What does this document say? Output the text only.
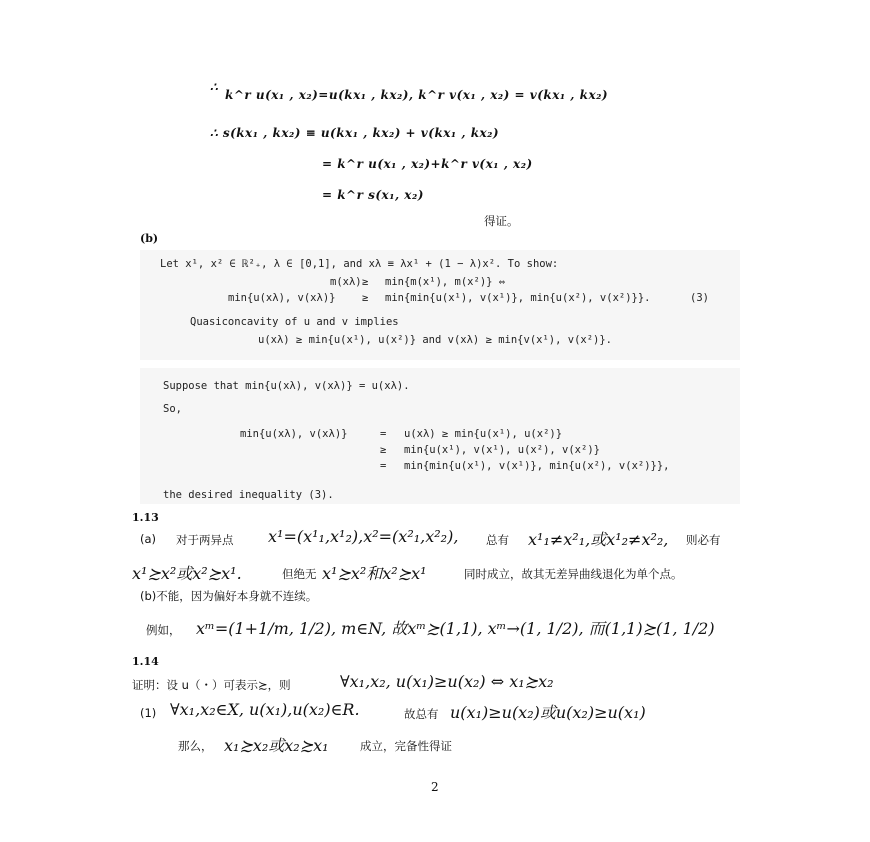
∴
k^r u(x₁ , x₂)=u(kx₁ , kx₂), k^r v(x₁ , x₂) = v(kx₁ , kx₂)
∴ s(kx₁ , kx₂) ≡ u(kx₁ , kx₂) + v(kx₁ , kx₂)
= k^r u(x₁ , x₂)+k^r v(x₁ , x₂)
= k^r s(x₁, x₂)
得证。
(b)
Let x¹, x² ∈ ℝ²₊, λ ∈ [0,1], and xλ ≡ λx¹ + (1 − λ)x². To show:
m(xλ) ≥ min{m(x¹), m(x²)} ⇔
min{u(xλ), v(xλ)}	≥ min{min{u(x¹), v(x¹)}, min{u(x²), v(x²)}}.	(3)
Quasiconcavity of u and v implies
u(xλ) ≥ min{u(x¹), u(x²)} and v(xλ) ≥ min{v(x¹), v(x²)}.
Suppose that min{u(xλ), v(xλ)} = u(xλ).
So,
min{u(xλ), v(xλ)}	= u(xλ) ≥ min{u(x¹), u(x²)}
≥ min{u(x¹), v(x¹), u(x²), v(x²)}
= min{min{u(x¹), v(x¹)}, min{u(x²), v(x²)}},
the desired inequality (3).
1.13
(a) 对于两异点 x¹=(x¹₁,x¹₂),x²=(x²₁,x²₂), 总有 x¹₁≠x²₁,或x¹₂≠x²₂, 则必有
x¹≿x²或x²≿x¹.	但绝无 x¹≿x²和x²≿x¹	同时成立，故其无差异曲线退化为单个点。
(b)不能，因为偏好本身就不连续。
例如， xᵐ=(1+1/m, 1/2), m∈N, 故xᵐ≿(1,1), xᵐ→(1, 1/2), 而(1,1)≿(1, 1/2)
1.14
证明：设 u（・）可表示≿，则	∀x₁,x₂, u(x₁)≥u(x₂) ⇔ x₁≿x₂
(1) ∀x₁,x₂∈X, u(x₁),u(x₂)∈R.	故总有 u(x₁)≥u(x₂)或u(x₂)≥u(x₁)
那么， x₁≿x₂或x₂≿x₁	成立，完备性得证
2
